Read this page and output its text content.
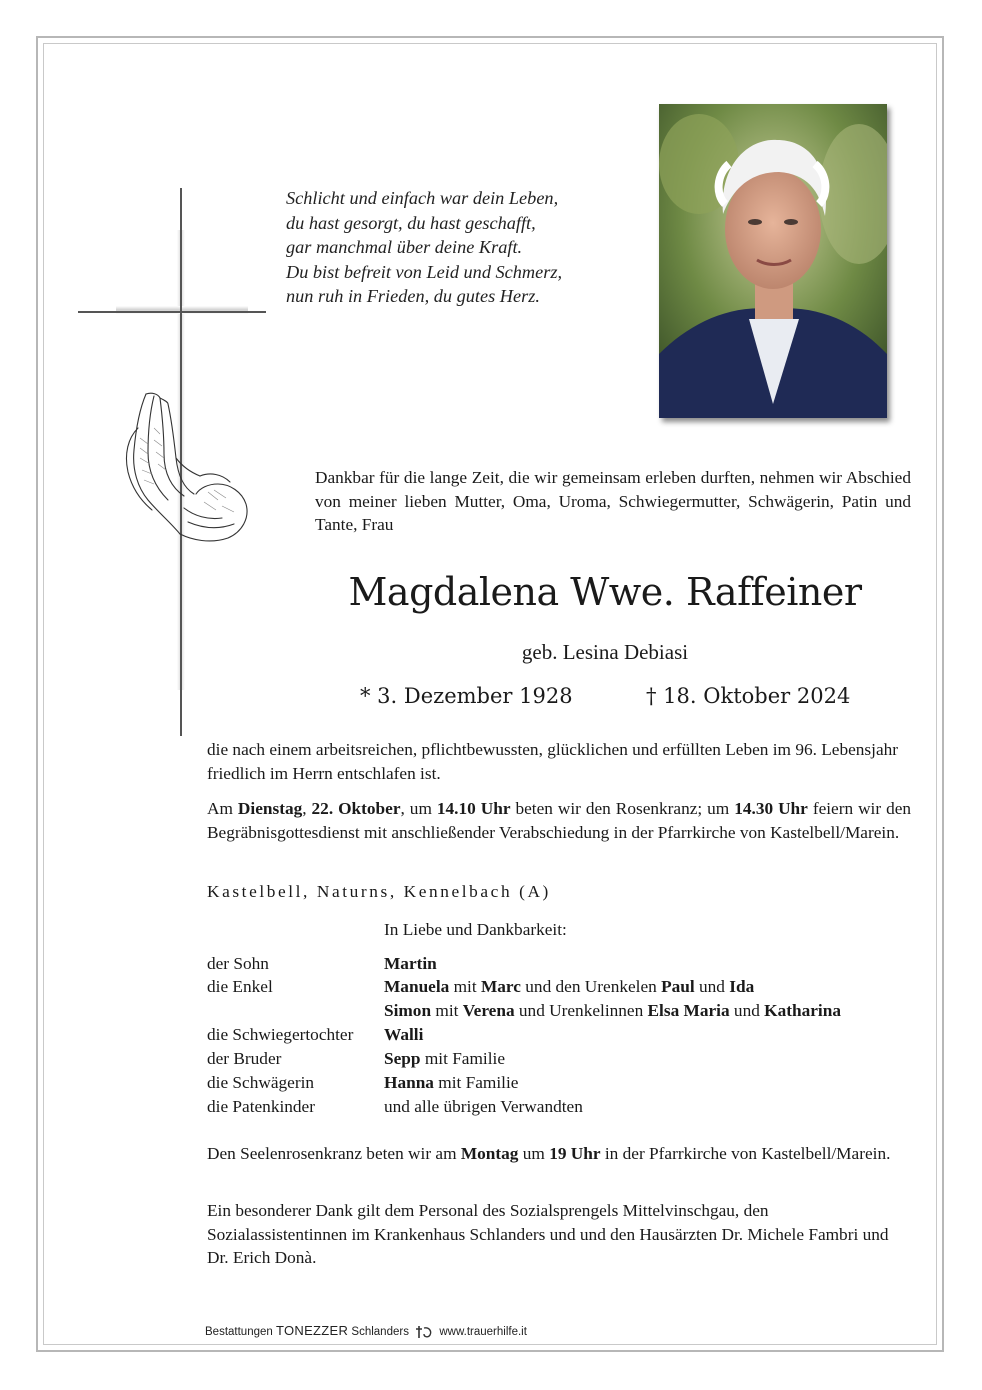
Schlicht und einfach war dein Leben,
du hast gesorgt, du hast geschafft,
gar manchmal über deine Kraft.
Du bist befreit von Leid und Schmerz,
nun ruh in Frieden, du gutes Herz.

Dankbar für die lange Zeit, die wir gemeinsam erleben durften, nehmen wir Abschied von meiner lieben Mutter, Oma, Uroma, Schwiegermutter, Schwägerin, Patin und Tante, Frau

Magdalena Wwe. Raffeiner

geb. Lesina Debiasi

* 3. Dezember 1928	† 18. Oktober 2024

die nach einem arbeitsreichen, pflichtbewussten, glücklichen und erfüllten Leben im 96. Lebensjahr friedlich im Herrn entschlafen ist.

Am Dienstag, 22. Oktober, um 14.10 Uhr beten wir den Rosenkranz; um 14.30 Uhr feiern wir den Begräbnisgottesdienst mit anschließender Verabschiedung in der Pfarrkirche von Kastelbell/Marein.

Kastelbell, Naturns, Kennelbach (A)

In Liebe und Dankbarkeit:

der Sohn	Martin

die Enkel	Manuela mit Marc und den Urenkelen Paul und Ida

Simon mit Verena und Urenkelinnen Elsa Maria und Katharina

die Schwiegertochter Walli

der Bruder	Sepp mit Familie

die Schwägerin	Hanna mit Familie

die Patenkinder	und alle übrigen Verwandten

Den Seelenrosenkranz beten wir am Montag um 19 Uhr in der Pfarrkirche von Kastelbell/Marein.

Ein besonderer Dank gilt dem Personal des Sozialsprengels Mittelvinschgau, den Sozialassistentinnen im Krankenhaus Schlanders und und den Hausärzten Dr. Michele Fambri und Dr. Erich Donà.

Bestattungen TONEZZER Schlanders	www.trauerhilfe.it
